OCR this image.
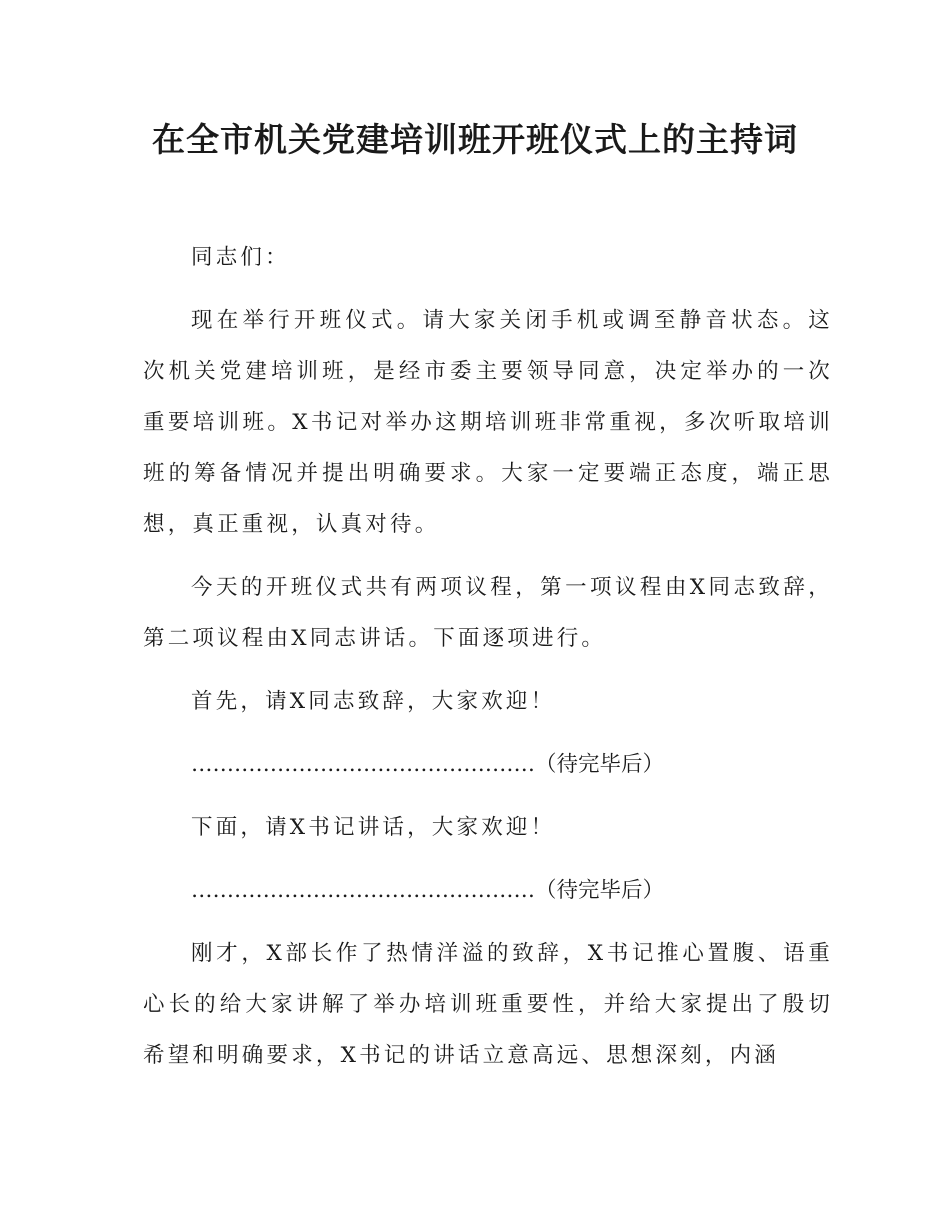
在全市机关党建培训班开班仪式上的主持词

同志们：

现在举行开班仪式。请大家关闭手机或调至静音状态。这次机关党建培训班，是经市委主要领导同意，决定举办的一次重要培训班。X书记对举办这期培训班非常重视，多次听取培训班的筹备情况并提出明确要求。大家一定要端正态度，端正思想，真正重视，认真对待。

今天的开班仪式共有两项议程，第一项议程由X同志致辞，第二项议程由X同志讲话。下面逐项进行。

首先，请X同志致辞，大家欢迎！

…………………………………………（待完毕后）

下面，请X书记讲话，大家欢迎！

…………………………………………（待完毕后）

刚才，X部长作了热情洋溢的致辞，X书记推心置腹、语重心长的给大家讲解了举办培训班重要性，并给大家提出了殷切希望和明确要求，X书记的讲话立意高远、思想深刻，内涵
